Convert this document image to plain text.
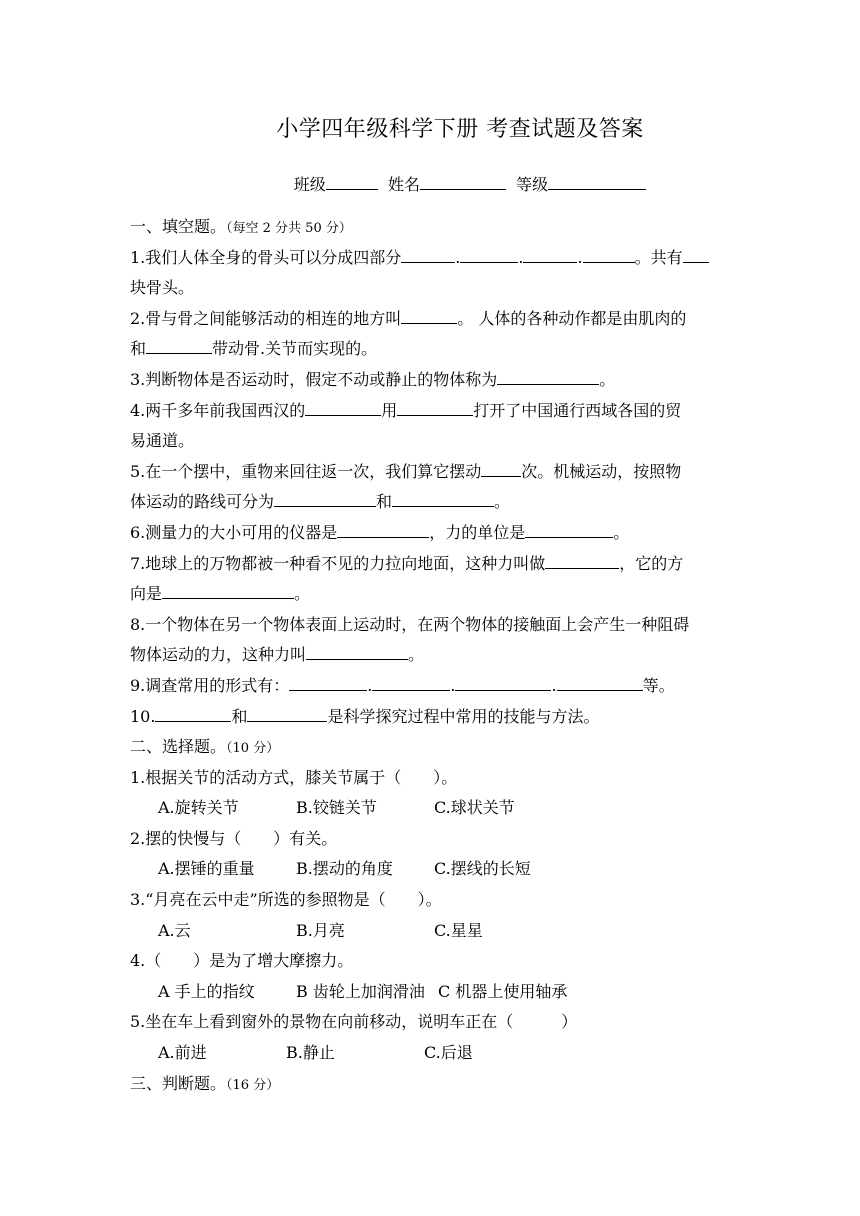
小学四年级科学下册 考查试题及答案
班级	姓名	等级
一、填空题。（每空 2 分共 50 分）
1.我们人体全身的骨头可以分成四部分	.	.	.	。共有
块骨头。
2.骨与骨之间能够活动的相连的地方叫	。 人体的各种动作都是由肌肉的
和	带动骨.关节而实现的。
3.判断物体是否运动时，假定不动或静止的物体称为	。
4.两千多年前我国西汉的	用	打开了中国通行西域各国的贸
易通道。
5.在一个摆中，重物来回往返一次，我们算它摆动	次。机械运动，按照物
体运动的路线可分为	和	。
6.测量力的大小可用的仪器是	，力的单位是	。
7.地球上的万物都被一种看不见的力拉向地面，这种力叫做	，它的方
向是	。
8.一个物体在另一个物体表面上运动时，在两个物体的接触面上会产生一种阻碍
物体运动的力，这种力叫	。
9.调查常用的形式有：	.	.	.	等。
10.	和	是科学探究过程中常用的技能与方法。
二、选择题。（10 分）
1.根据关节的活动方式，膝关节属于（　　）。
A.旋转关节	B.铰链关节	C.球状关节
2.摆的快慢与（　　）有关。
A.摆锤的重量	B.摆动的角度	C.摆线的长短
3.“月亮在云中走”所选的参照物是（　　）。
A.云	B.月亮	C.星星
4.（　　）是为了增大摩擦力。
A 手上的指纹	B 齿轮上加润滑油 C 机器上使用轴承
5.坐在车上看到窗外的景物在向前移动，说明车正在（　　　）
A.前进	B.静止	C.后退
三、判断题。（16 分）
